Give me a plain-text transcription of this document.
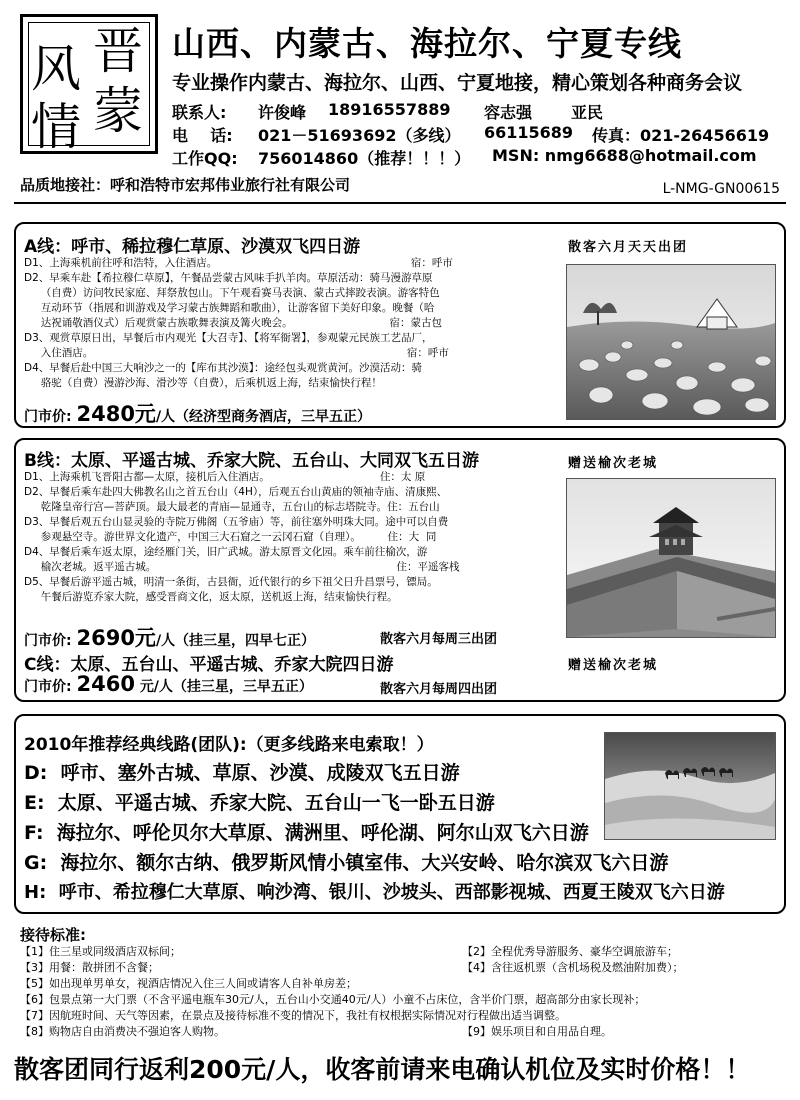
晋
风
蒙
情
山西、内蒙古、海拉尔、宁夏专线
专业操作内蒙古、海拉尔、山西、宁夏地接，精心策划各种商务会议
联系人: 许俊峰 18916557889 容志强       亚民
电    话: 021－51693692（多线） 66115689 传真：021-26456619
工作QQ: 756014860（推荐！！！） MSN: nmg6688@hotmail.com
品质地接社：呼和浩特市宏邦伟业旅行社有限公司	L-NMG-GN00615
A线：呼市、稀拉穆仁草原、沙漠双飞四日游	散客六月天天出团
D1、上海乘机前往呼和浩特，入住酒店。                                                          宿：呼市
D2、早乘车赴【希拉穆仁草原】，午餐品尝蒙古风味手扒羊肉。草原活动：骑马漫游草原
（自费）访问牧民家庭、拜祭敖包山。下午观看赛马表演、蒙古式摔跤表演。游客特色
互动环节（指展和训游戏及学习蒙古族舞蹈和歌曲），让游客留下美好印象。晚餐（哈
达祝诵敬酒仪式）后观赏蒙古族歌舞表演及篝火晚会。                             宿：蒙古包
D3、观赏草原日出，早餐后市内观光【大召寺】、【将军衙署】，参观蒙元民族工艺品厂，
入住酒店。                                                                                              宿：呼市
D4、早餐后赴中国三大响沙之一的【库布其沙漠】：途经包头观赏黄河。沙漠活动：骑
骆驼（自费）漫游沙海、滑沙等（自费），后乘机返上海，结束愉快行程！
门市价: 2480元/人（经济型商务酒店，三早五正）
B线：太原、平遥古城、乔家大院、五台山、大同双飞五日游	赠送榆次老城
D1、上海乘机飞晋阳古都—太原，接机后入住酒店。                                 住：太 原
D2、早餐后乘车赴四大佛教名山之首五台山（4H），后观五台山黄庙的领袖寺庙、清康熙、
乾隆皇帝行宫—菩萨顶。最大最老的青庙—显通寺，五台山的标志塔院寺。住：五台山
D3、早餐后观五台山显灵验的寺院万佛阁（五爷庙）等，前往塞外明珠大同。途中可以自费
参观悬空寺。游世界文化遗产，中国三大石窟之一云冈石窟（自理）。        住：大  同
D4、早餐后乘车返太原，途经雁门关，旧广武城。游太原晋文化园。乘车前往榆次，游
榆次老城。返平遥古城。                                                                        住：平遥客栈
D5、早餐后游平遥古城，明清一条街，古县衙，近代银行的乡下祖父日升昌票号，镖局。
午餐后游览乔家大院，感受晋商文化，返太原，送机返上海，结束愉快行程。
门市价: 2690元/人（挂三星，四早七正）	散客六月每周三出团
C线：太原、五台山、平遥古城、乔家大院四日游	赠送榆次老城
门市价: 2460 元/人（挂三星，三早五正）	散客六月每周四出团
2010年推荐经典线路(团队):（更多线路来电索取！）
D:  呼市、塞外古城、草原、沙漠、成陵双飞五日游
E:  太原、平遥古城、乔家大院、五台山一飞一卧五日游
F:  海拉尔、呼伦贝尔大草原、满洲里、呼伦湖、阿尔山双飞六日游
G:  海拉尔、额尔古纳、俄罗斯风情小镇室伟、大兴安岭、哈尔滨双飞六日游
H:  呼市、希拉穆仁大草原、响沙湾、银川、沙坡头、西部影视城、西夏王陵双飞六日游
接待标准:
【1】住三星或同级酒店双标间；	【2】全程优秀导游服务、豪华空调旅游车；
【3】用餐：散拼团不含餐；	【4】含往返机票（含机场税及燃油附加费）；
【5】如出现单男单女，视酒店情况入住三人间或请客人自补单房差；
【6】包景点第一大门票（不含平遥电瓶车30元/人，五台山小交通40元/人）小童不占床位，含半价门票，超高部分由家长现补；
【7】因航班时间、天气等因素，在景点及接待标准不变的情况下，我社有权根据实际情况对行程做出适当调整。
【8】购物店自由消费决不强迫客人购物。	【9】娱乐项目和自用品自理。
散客团同行返利200元/人，收客前请来电确认机位及实时价格！！
